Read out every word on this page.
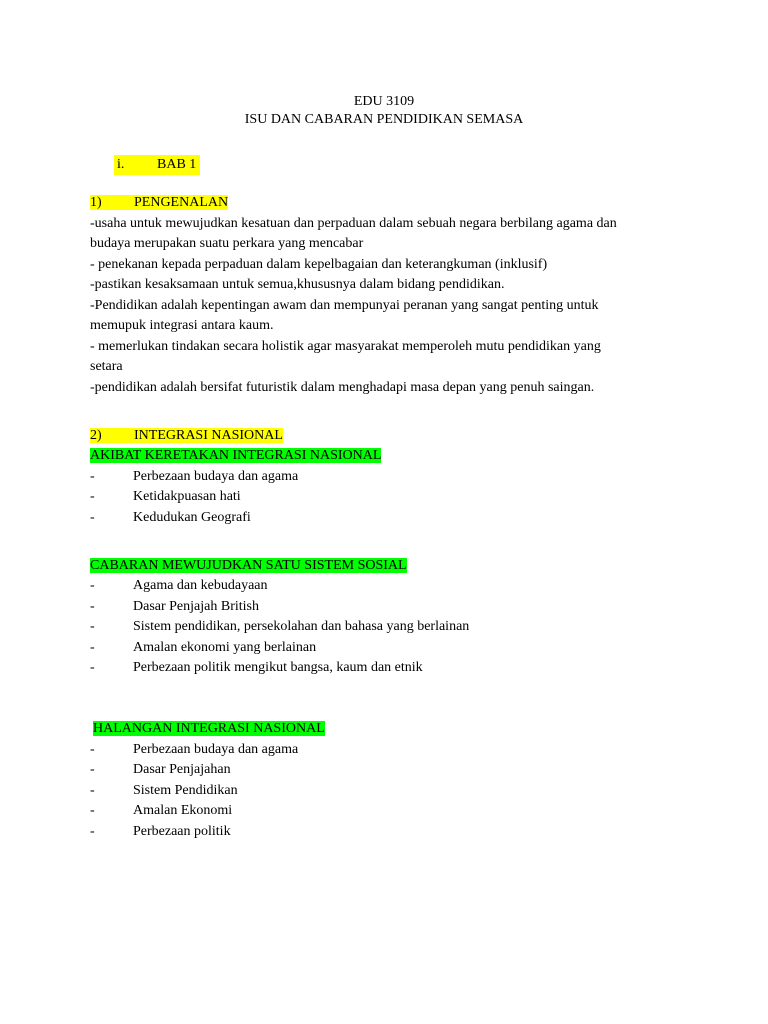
EDU 3109
ISU DAN CABARAN PENDIDIKAN SEMASA
i. BAB 1
1) PENGENALAN
-usaha untuk mewujudkan kesatuan dan perpaduan dalam sebuah negara berbilang agama dan
budaya merupakan suatu perkara yang mencabar
- penekanan kepada perpaduan dalam kepelbagaian dan keterangkuman (inklusif)
-pastikan kesaksamaan untuk semua,khususnya dalam bidang pendidikan.
-Pendidikan adalah kepentingan awam dan mempunyai peranan yang sangat penting untuk
memupuk integrasi antara kaum.
- memerlukan tindakan secara holistik agar masyarakat memperoleh mutu pendidikan yang
setara
-pendidikan adalah bersifat futuristik dalam menghadapi masa depan yang penuh saingan.
2) INTEGRASI NASIONAL
AKIBAT KERETAKAN INTEGRASI NASIONAL
-	Perbezaan budaya dan agama
-	Ketidakpuasan hati
-	Kedudukan Geografi
CABARAN MEWUJUDKAN SATU SISTEM SOSIAL
-	Agama dan kebudayaan
-	Dasar Penjajah British
-	Sistem pendidikan, persekolahan dan bahasa yang berlainan
-	Amalan ekonomi yang berlainan
-	Perbezaan politik mengikut bangsa, kaum dan etnik
HALANGAN INTEGRASI NASIONAL
-	Perbezaan budaya dan agama
-	Dasar Penjajahan
-	Sistem Pendidikan
-	Amalan Ekonomi
-	Perbezaan politik
